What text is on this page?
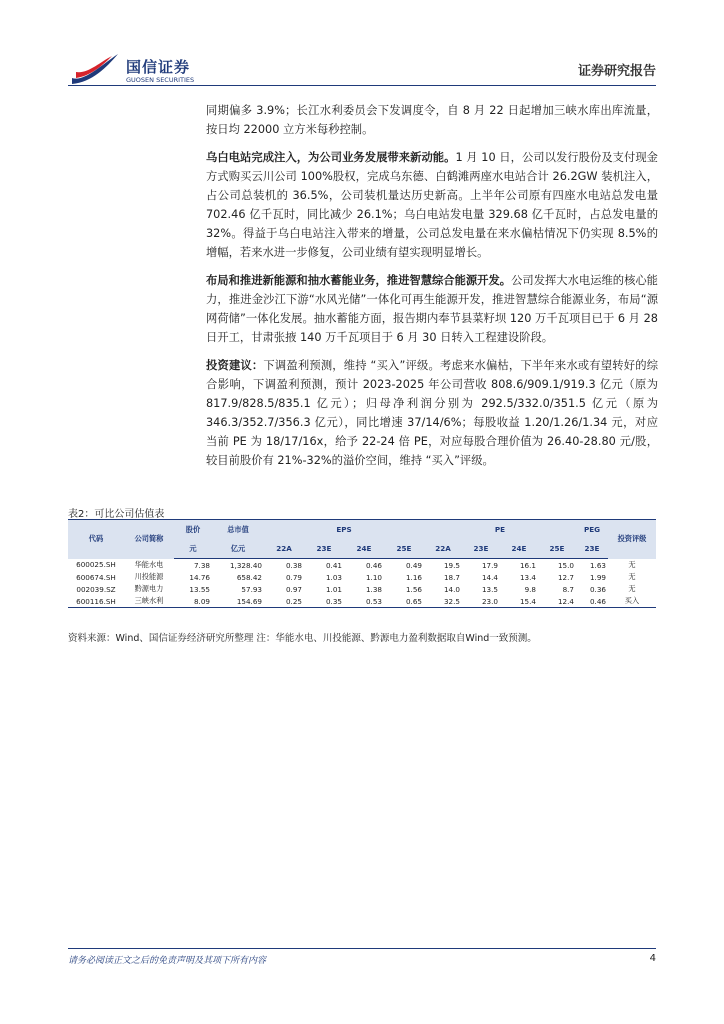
国信证券
GUOSEN SECURITIES
证券研究报告

同期偏多 3.9%；长江水利委员会下发调度令，自 8 月 22 日起增加三峡水库出库流量，按日均 22000 立方米每秒控制。

乌白电站完成注入，为公司业务发展带来新动能。1 月 10 日，公司以发行股份及支付现金方式购买云川公司 100%股权，完成乌东德、白鹤滩两座水电站合计 26.2GW 装机注入，占公司总装机的 36.5%，公司装机量达历史新高。上半年公司原有四座水电站总发电量 702.46 亿千瓦时，同比减少 26.1%；乌白电站发电量 329.68 亿千瓦时，占总发电量的 32%。得益于乌白电站注入带来的增量，公司总发电量在来水偏枯情况下仍实现 8.5%的增幅，若来水进一步修复，公司业绩有望实现明显增长。

布局和推进新能源和抽水蓄能业务，推进智慧综合能源开发。公司发挥大水电运维的核心能力，推进金沙江下游“水风光储”一体化可再生能源开发，推进智慧综合能源业务，布局“源网荷储”一体化发展。抽水蓄能方面，报告期内奉节县菜籽坝 120 万千瓦项目已于 6 月 28 日开工，甘肃张掖 140 万千瓦项目于 6 月 30 日转入工程建设阶段。

投资建议：下调盈利预测，维持 “买入”评级。考虑来水偏枯，下半年来水或有望转好的综合影响，下调盈利预测，预计 2023-2025 年公司营收 808.6/909.1/919.3 亿元（原为 817.9/828.5/835.1 亿元）；归母净利润分别为 292.5/332.0/351.5 亿元（原为 346.3/352.7/356.3 亿元），同比增速 37/14/6%；每股收益 1.20/1.26/1.34 元，对应当前 PE 为 18/17/16x，给予 22-24 倍 PE，对应每股合理价值为 26.40-28.80 元/股，较目前股价有 21%-32%的溢价空间，维持 “买入”评级。

表2：可比公司估值表
代码	公司简称	股价	总市值	EPS				PE				PEG	投资评级
		元	亿元	22A	23E	24E	25E	22A	23E	24E	25E	23E	
600025.SH	华能水电	7.38	1,328.40	0.38	0.41	0.46	0.49	19.5	17.9	16.1	15.0	1.63	无
600674.SH	川投能源	14.76	658.42	0.79	1.03	1.10	1.16	18.7	14.4	13.4	12.7	1.99	无
002039.SZ	黔源电力	13.55	57.93	0.97	1.01	1.38	1.56	14.0	13.5	9.8	8.7	0.36	无
600116.SH	三峡水利	8.09	154.69	0.25	0.35	0.53	0.65	32.5	23.0	15.4	12.4	0.46	买入
资料来源：Wind、国信证券经济研究所整理 注：华能水电、川投能源、黔源电力盈利数据取自Wind一致预测。
请务必阅读正文之后的免责声明及其项下所有内容	4
